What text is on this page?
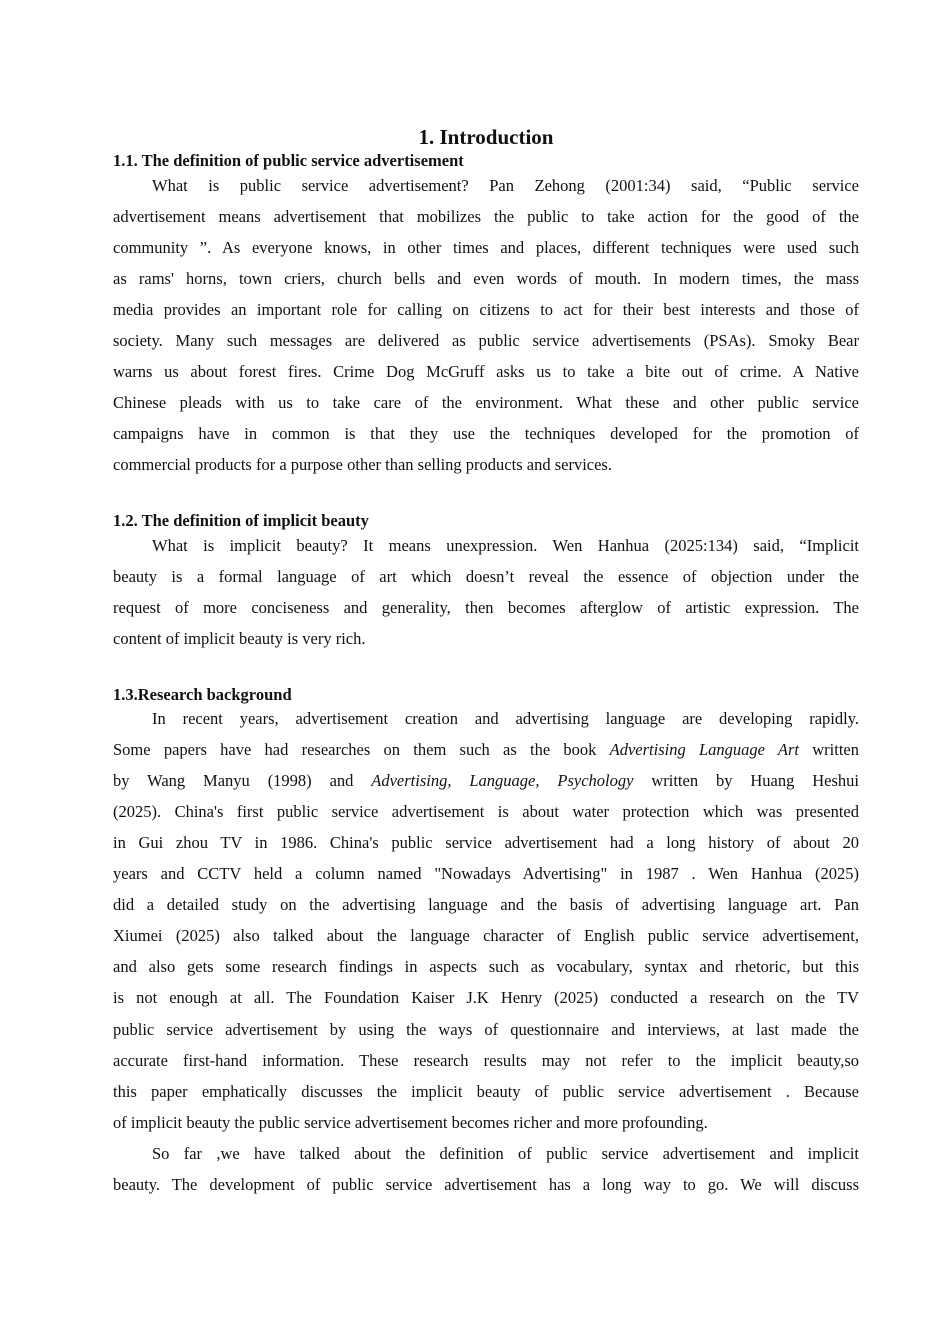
1. Introduction
1.1. The definition of public service advertisement
What is public service advertisement? Pan Zehong (2001:34) said, “Public service
advertisement means advertisement that mobilizes the public to take action for the good of the
community ”. As everyone knows, in other times and places, different techniques were used such
as rams' horns, town criers, church bells and even words of mouth. In modern times, the mass
media provides an important role for calling on citizens to act for their best interests and those of
society. Many such messages are delivered as public service advertisements (PSAs). Smoky Bear
warns us about forest fires. Crime Dog McGruff asks us to take a bite out of crime. A Native
Chinese pleads with us to take care of the environment. What these and other public service
campaigns have in common is that they use the techniques developed for the promotion of
commercial products for a purpose other than selling products and services.
1.2. The definition of implicit beauty
What is implicit beauty? It means unexpression. Wen Hanhua (2025:134) said, “Implicit
beauty is a formal language of art which doesn’t reveal the essence of objection under the
request of more conciseness and generality, then becomes afterglow of artistic expression. The
content of implicit beauty is very rich.
1.3.Research background
In recent years, advertisement creation and advertising language are developing rapidly.
Some papers have had researches on them such as the book Advertising Language Art written
by Wang Manyu (1998) and Advertising, Language, Psychology written by Huang Heshui
(2025). China's first public service advertisement is about water protection which was presented
in Gui zhou TV in 1986. China's public service advertisement had a long history of about 20
years and CCTV held a column named "Nowadays Advertising" in 1987 . Wen Hanhua (2025)
did a detailed study on the advertising language and the basis of advertising language art. Pan
Xiumei (2025) also talked about the language character of English public service advertisement,
and also gets some research findings in aspects such as vocabulary, syntax and rhetoric, but this
is not enough at all. The Foundation Kaiser J.K Henry (2025) conducted a research on the TV
public service advertisement by using the ways of questionnaire and interviews, at last made the
accurate first-hand information. These research results may not refer to the implicit beauty,so
this paper emphatically discusses the implicit beauty of public service advertisement . Because
of implicit beauty the public service advertisement becomes richer and more profounding.
So far ,we have talked about the definition of public service advertisement and implicit
beauty. The development of public service advertisement has a long way to go. We will discuss
